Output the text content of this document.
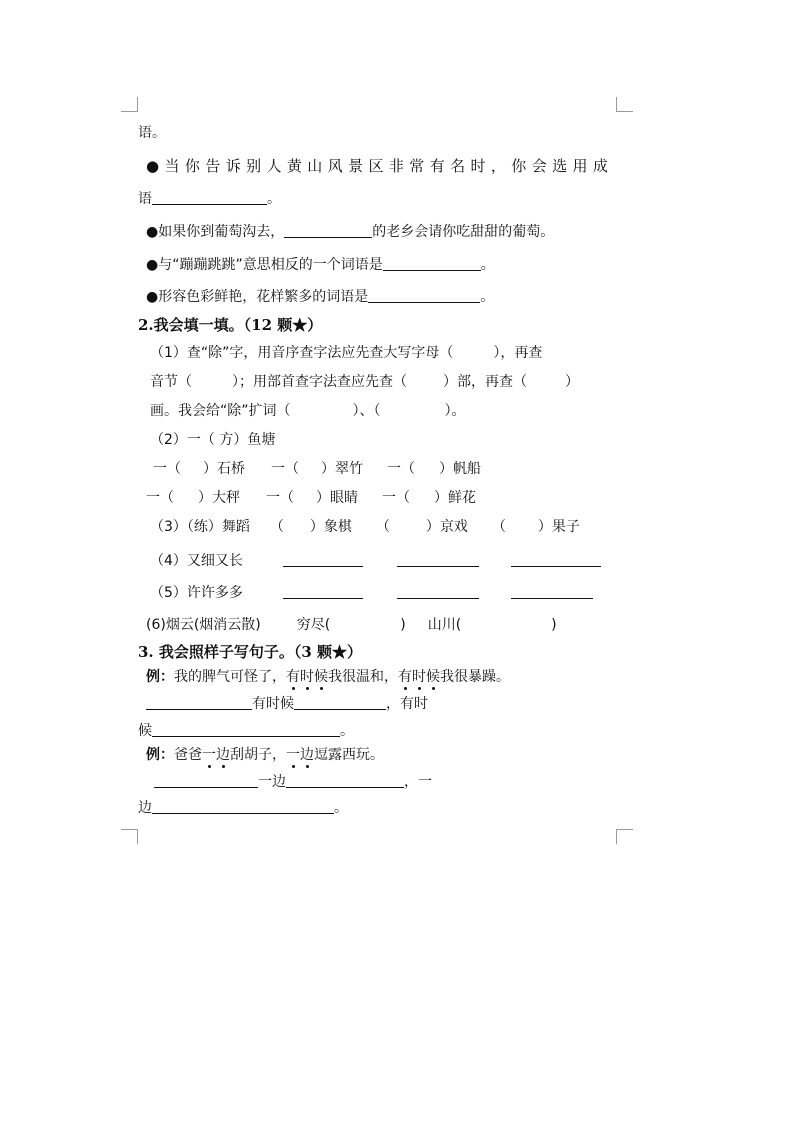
语。
●当你告诉别人黄山风景区非常有名时，你会选用成
语	。
●如果你到葡萄沟去，	的老乡会请你吃甜甜的葡萄。
●与“蹦蹦跳跳”意思相反的一个词语是	。
●形容色彩鲜艳，花样繁多的词语是	。
2.我会填一填。（12 颗★）
（1）查“除”字，用音序查字法应先查大写字母（	），再查
音节（	）；用部首查字法查应先查（	）部，再查（	）
画。我会给“除”扩词（	）、（	）。
（2）一（ 方）鱼塘
一（ ）石桥 一（ ）翠竹 一（ ）帆船
一（ ）大秤 一（ ）眼睛 一（ ）鲜花
（3）（练）舞蹈 （ ）象棋 （	）京戏 （ ）果子
（4）又细又长
（5）许许多多
(6)烟云(烟消云散)	穷尽(	) 山川(	)
3. 我会照样子写句子。（3 颗★）
例：我的脾气可怪了，有时候我很温和，有时候我很暴躁。
有时候	，有时
候	。
例：爸爸一边刮胡子，一边逗露西玩。
一边	，一
边	。
